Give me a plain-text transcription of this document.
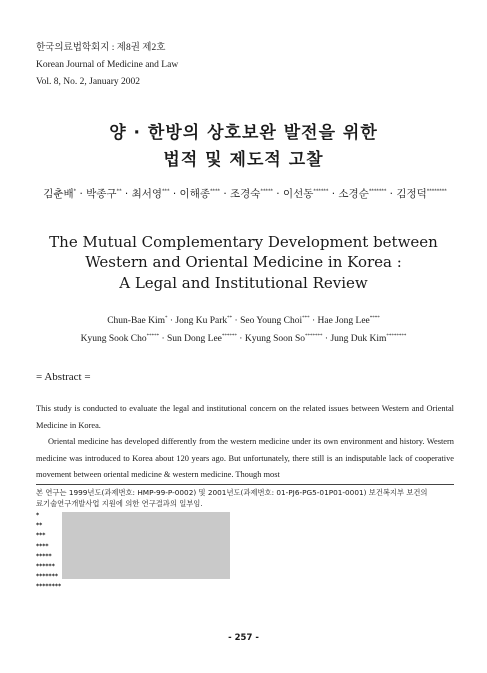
한국의료법학회지 : 제8권 제2호
Korean Journal of Medicine and Law
Vol. 8, No. 2, January 2002
양 · 한방의 상호보완 발전을 위한
법적 및 제도적 고찰
김춘배* · 박종구** · 최서영*** · 이해종**** · 조경숙***** · 이선동****** · 소경순******* · 김정덕********
The Mutual Complementary Development between
Western and Oriental Medicine in Korea :
A Legal and Institutional Review
Chun-Bae Kim* · Jong Ku Park** · Seo Young Choi*** · Hae Jong Lee****
Kyung Sook Cho***** · Sun Dong Lee****** · Kyung Soon So******* · Jung Duk Kim********
= Abstract =

This study is conducted to evaluate the legal and institutional concern on the related issues between Western and Oriental Medicine in Korea.

Oriental medicine has developed differently from the western medicine under its own environment and history. Western medicine was introduced to Korea about 120 years ago. But unfortunately, there still is an indisputable lack of cooperative movement between oriental medicine & western medicine. Though most

본 연구는 1999년도(과제번호: HMP-99-P-0002) 및 2001년도(과제번호: 01-PJ6-PG5-01P01-0001) 보건복지부 보건의
료기술연구개발사업 지원에 의한 연구결과의 일부임.
*
**
***
****
*****
******
*******
********
- 257 -
